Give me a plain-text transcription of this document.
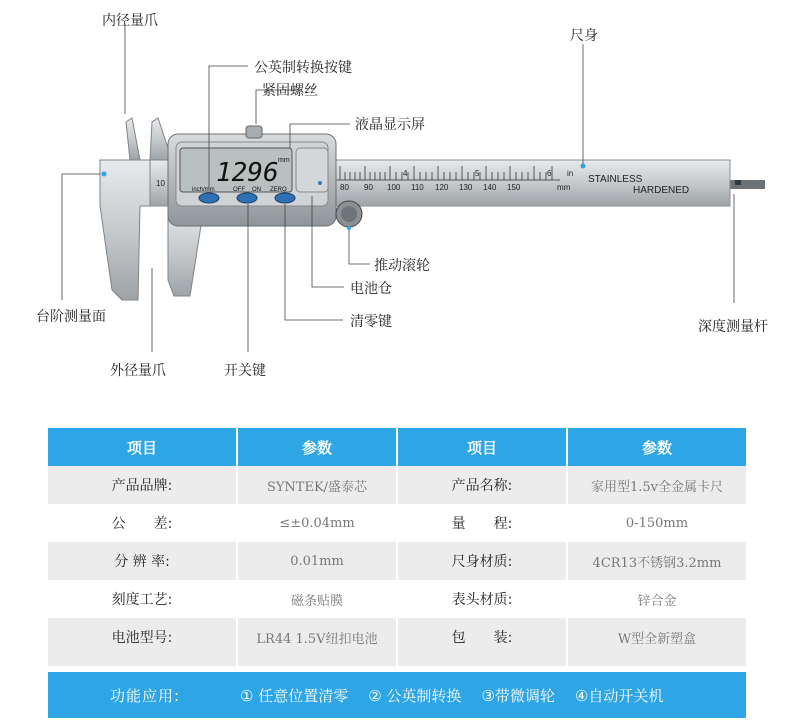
80 90 100 110 120 130 140 150
4	5	6 in
mm
10	STAINLESS
HARDENED
1296 mm
inch/mm	OFF ON ZERO
内径量爪
公英制转换按键
紧固螺丝
液晶显示屏
尺身
推动滚轮
电池仓
清零键
台阶测量面
外径量爪	开关键
深度测量杆
项目	参数	项目	参数
产品品牌:	SYNTEK/盛泰芯	产品名称:	家用型1.5v全金属卡尺
公　　差:	≤±0.04mm	量　　程:	0-150mm
分 辨 率:	0.01mm	尺身材质:	4CR13不锈钢3.2mm
刻度工艺:	磁条贴膜	表头材质:	锌合金
电池型号:	LR44 1.5V纽扣电池	包　　装:	W型全新塑盒
功能应用:	① 任意位置清零 ② 公英制转换 ③带微调轮 ④自动开关机
